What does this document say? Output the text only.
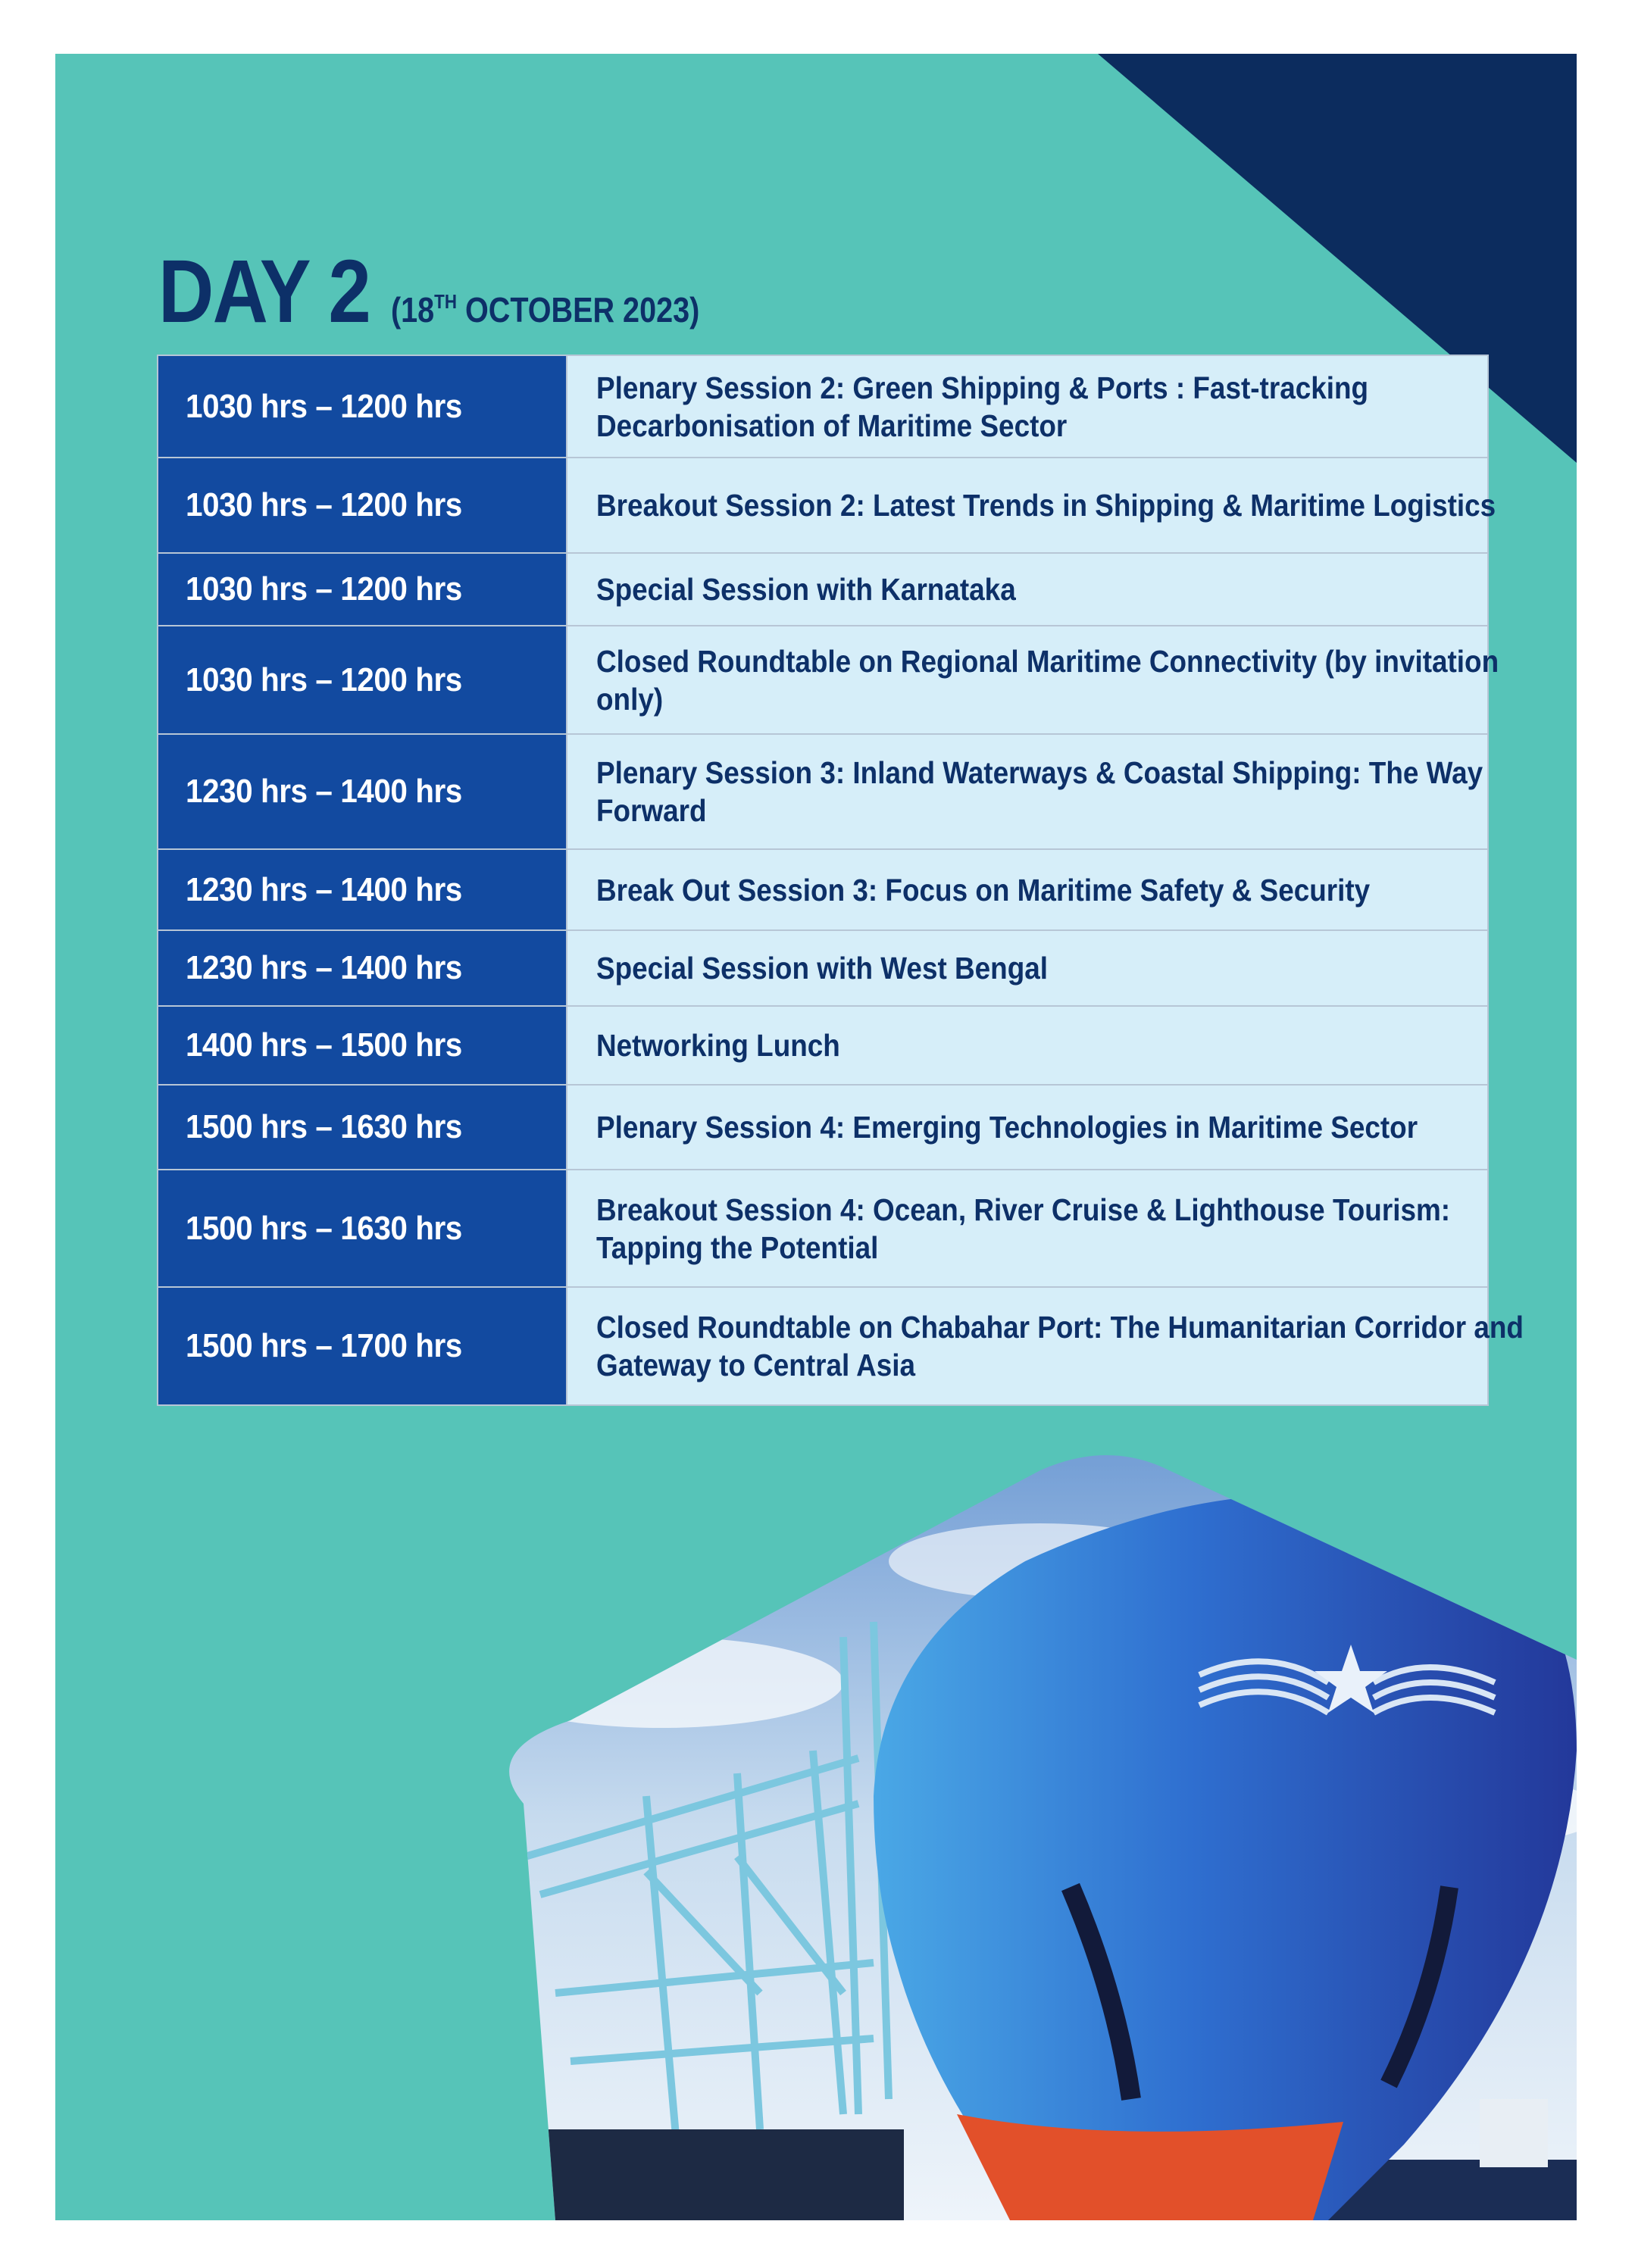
DAY 2 (18TH OCTOBER 2023)
1030 hrs – 1200 hrs	Plenary Session 2: Green Shipping & Ports : Fast-tracking Decarbonisation of Maritime Sector
1030 hrs – 1200 hrs	Breakout Session 2: Latest Trends in Shipping & Maritime Logistics
1030 hrs – 1200 hrs	Special Session with Karnataka
1030 hrs – 1200 hrs	Closed Roundtable on Regional Maritime Connectivity (by invitation only)
1230 hrs – 1400 hrs	Plenary Session 3: Inland Waterways & Coastal Shipping: The Way Forward
1230 hrs – 1400 hrs	Break Out Session 3: Focus on Maritime Safety & Security
1230 hrs – 1400 hrs	Special Session with West Bengal
1400 hrs – 1500 hrs	Networking Lunch
1500 hrs – 1630 hrs	Plenary Session 4: Emerging Technologies in Maritime Sector
1500 hrs – 1630 hrs	Breakout Session 4: Ocean, River Cruise & Lighthouse Tourism: Tapping the Potential
1500 hrs – 1700 hrs	Closed Roundtable on Chabahar Port: The Humanitarian Corridor and Gateway to Central Asia
